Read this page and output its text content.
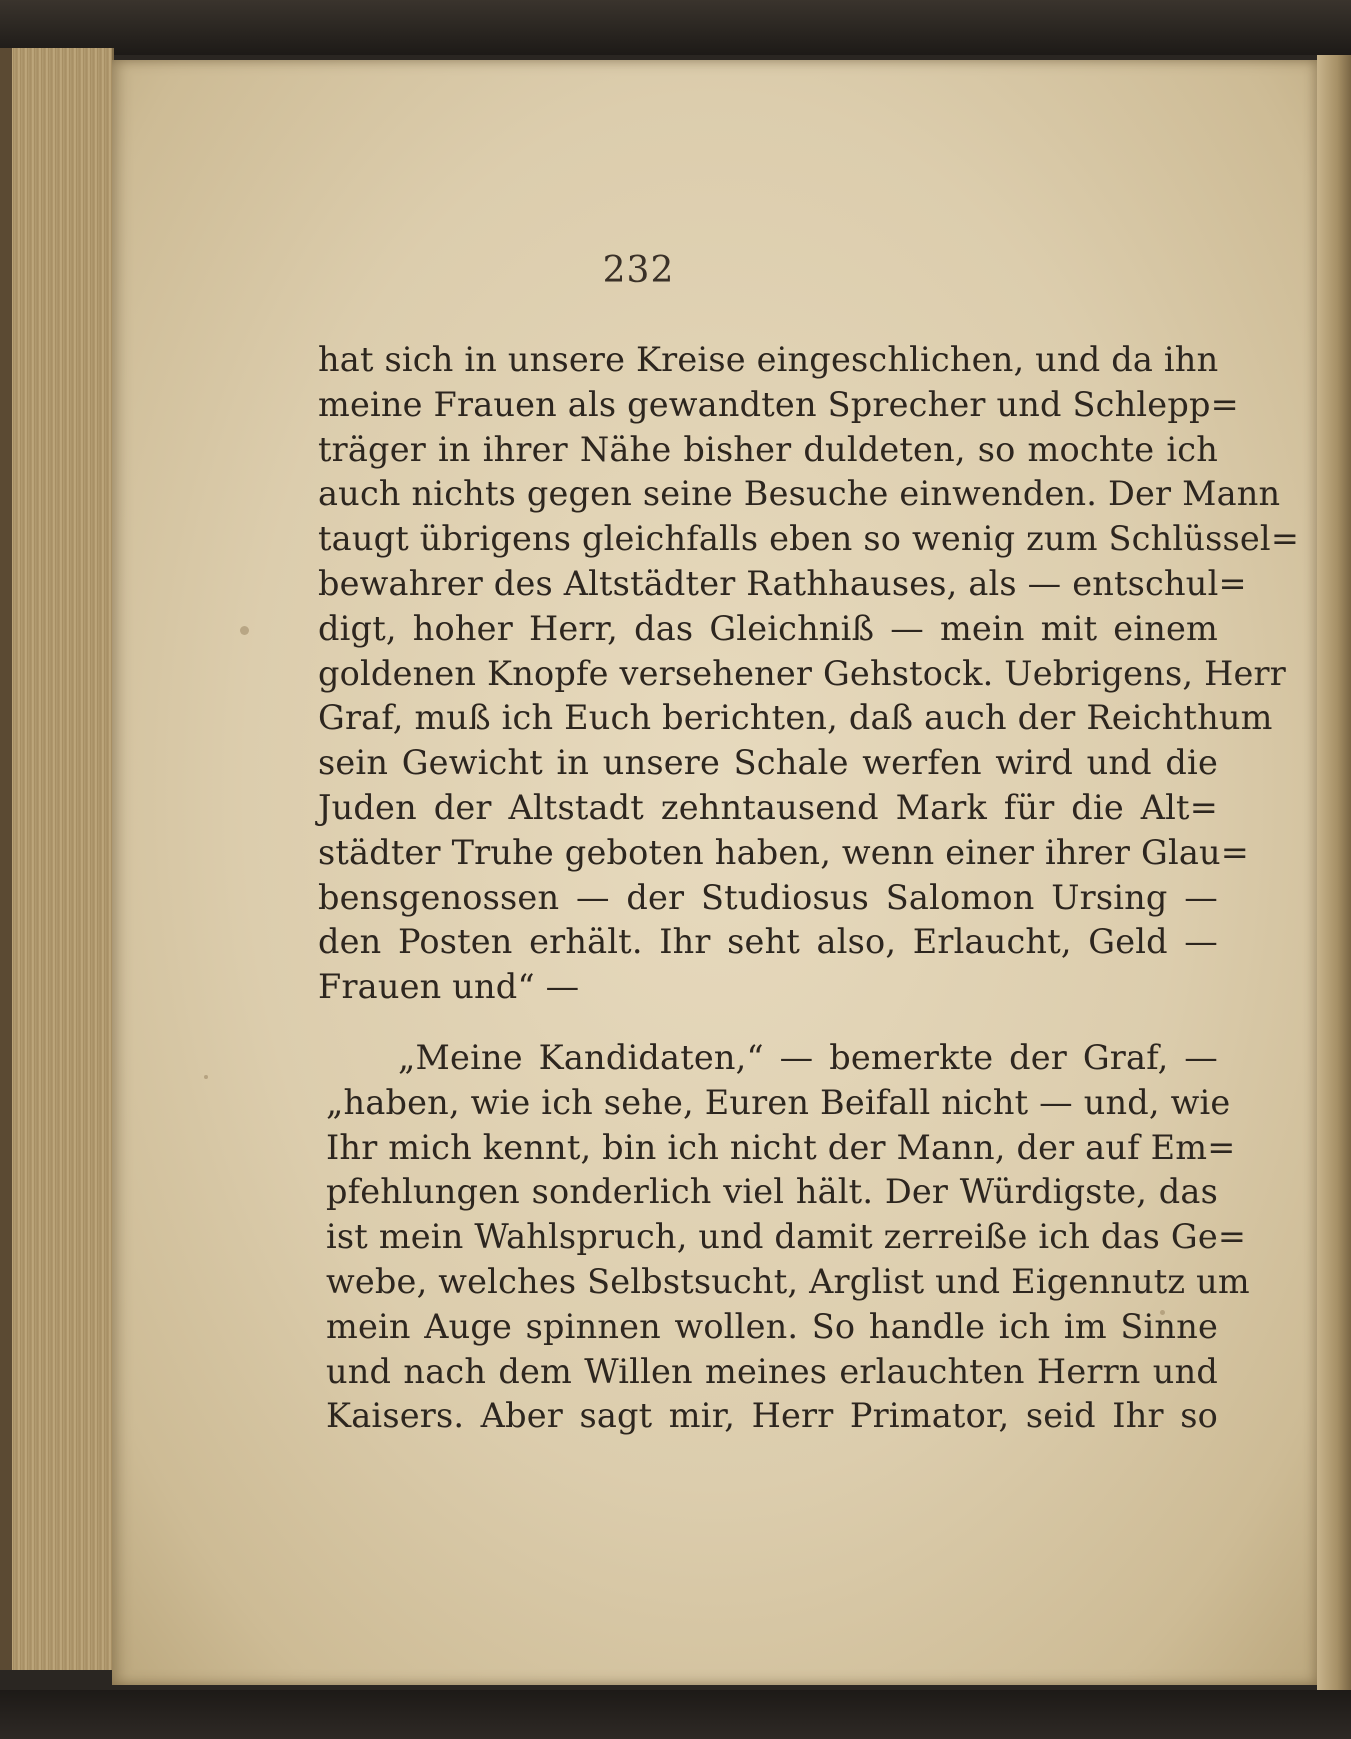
232
hat sich in unsere Kreise eingeschlichen, und da ihn
meine Frauen als gewandten Sprecher und Schlepp=
träger in ihrer Nähe bisher duldeten, so mochte ich
auch nichts gegen seine Besuche einwenden. Der Mann
taugt übrigens gleichfalls eben so wenig zum Schlüssel=
bewahrer des Altstädter Rathhauses, als — entschul=
digt, hoher Herr, das Gleichniß — mein mit einem
goldenen Knopfe versehener Gehstock. Uebrigens, Herr
Graf, muß ich Euch berichten, daß auch der Reichthum
sein Gewicht in unsere Schale werfen wird und die
Juden der Altstadt zehntausend Mark für die Alt=
städter Truhe geboten haben, wenn einer ihrer Glau=
bensgenossen — der Studiosus Salomon Ursing —
den Posten erhält. Ihr seht also, Erlaucht, Geld —
Frauen und“ —
„Meine Kandidaten,“ — bemerkte der Graf, —
„haben, wie ich sehe, Euren Beifall nicht — und, wie
Ihr mich kennt, bin ich nicht der Mann, der auf Em=
pfehlungen sonderlich viel hält. Der Würdigste, das
ist mein Wahlspruch, und damit zerreiße ich das Ge=
webe, welches Selbstsucht, Arglist und Eigennutz um
mein Auge spinnen wollen. So handle ich im Sinne
und nach dem Willen meines erlauchten Herrn und
Kaisers. Aber sagt mir, Herr Primator, seid Ihr so
